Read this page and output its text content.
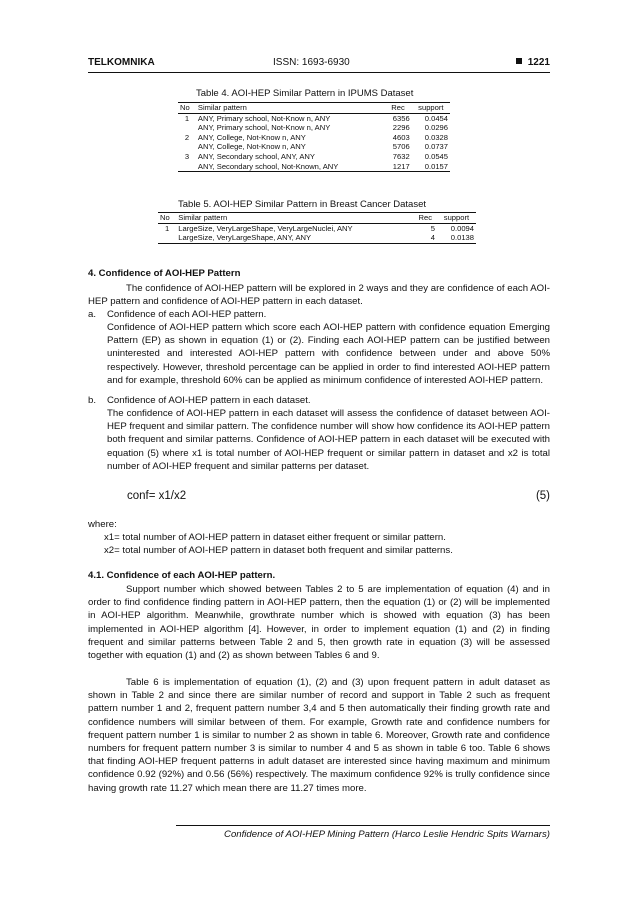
TELKOMNIKA	ISSN: 1693-6930	1221
Table 4. AOI-HEP Similar Pattern in IPUMS Dataset
No	Similar pattern	Rec	support
1	ANY, Primary school, Not-Know n, ANY	6356	0.0454
	ANY, Primary school, Not-Know n, ANY	2296	0.0296
2	ANY, College, Not-Know n, ANY	4603	0.0328
	ANY, College, Not-Know n, ANY	5706	0.0737
3	ANY, Secondary school, ANY, ANY	7632	0.0545
	ANY, Secondary school, Not-Known, ANY	1217	0.0157
Table 5. AOI-HEP Similar Pattern in Breast Cancer Dataset
No	Similar pattern	Rec	support
1	LargeSize, VeryLargeShape, VeryLargeNuclei, ANY	5	0.0094
	LargeSize, VeryLargeShape, ANY, ANY	4	0.0138
4. Confidence of AOI-HEP Pattern
The confidence of AOI-HEP pattern will be explored in 2 ways and they are confidence of each AOI-HEP pattern and confidence of AOI-HEP pattern in each dataset.
a. Confidence of each AOI-HEP pattern.
Confidence of AOI-HEP pattern which score each AOI-HEP pattern with confidence equation Emerging Pattern (EP) as shown in equation (1) or (2). Finding each AOI-HEP pattern can be justified between uninterested and interested AOI-HEP pattern with confidence between under and above 50% respectively. However, threshold percentage can be applied in order to find interested AOI-HEP pattern and for example, threshold 60% can be applied as minimum confidence of interested AOI-HEP pattern.
b. Confidence of AOI-HEP pattern in each dataset.
The confidence of AOI-HEP pattern in each dataset will assess the confidence of dataset between AOI-HEP frequent and similar pattern. The confidence number will show how confidence its AOI-HEP pattern both frequent and similar patterns. Confidence of AOI-HEP pattern in each dataset will be executed with equation (5) where x1 is total number of AOI-HEP frequent or similar pattern in dataset and x2 is total number of AOI-HEP frequent and similar patterns per dataset.
conf= x1/x2	(5)
where:
x1= total number of AOI-HEP pattern in dataset either frequent or similar pattern.
x2= total number of AOI-HEP pattern in dataset both frequent and similar patterns.
4.1. Confidence of each AOI-HEP pattern.
Support number which showed between Tables 2 to 5 are implementation of equation (4) and in order to find confidence finding pattern in AOI-HEP pattern, then the equation (1) or (2) will be implemented in AOI-HEP algorithm. Meanwhile, growthrate number which is showed with equation (3) has been implemented in AOI-HEP algorithm [4]. However, in order to implement equation (1) and (2) in finding frequent and similar patterns between Table 2 and 5, then growth rate in equation (3) will be assessed together with equation (1) and (2) as shown between Tables 6 and 9.
Table 6 is implementation of equation (1), (2) and (3) upon frequent pattern in adult dataset as shown in Table 2 and since there are similar number of record and support in Table 2 such as frequent pattern number 1 and 2, frequent pattern number 3,4 and 5 then automatically their finding growth rate and confidence numbers will similar between of them. For example, Growth rate and confidence numbers for frequent pattern number 1 is similar to number 2 as shown in table 6. Moreover, Growth rate and confidence numbers for frequent pattern number 3 is similar to number 4 and 5 as shown in table 6 too. Table 6 shows that finding AOI-HEP frequent patterns in adult dataset are interested since having maximum and minimum confidence 0.92 (92%) and 0.56 (56%) respectively. The maximum confidence 92% is trully confidence since having growth rate 11.27 which mean there are 11.27 times more.
Confidence of AOI-HEP Mining Pattern (Harco Leslie Hendric Spits Warnars)
